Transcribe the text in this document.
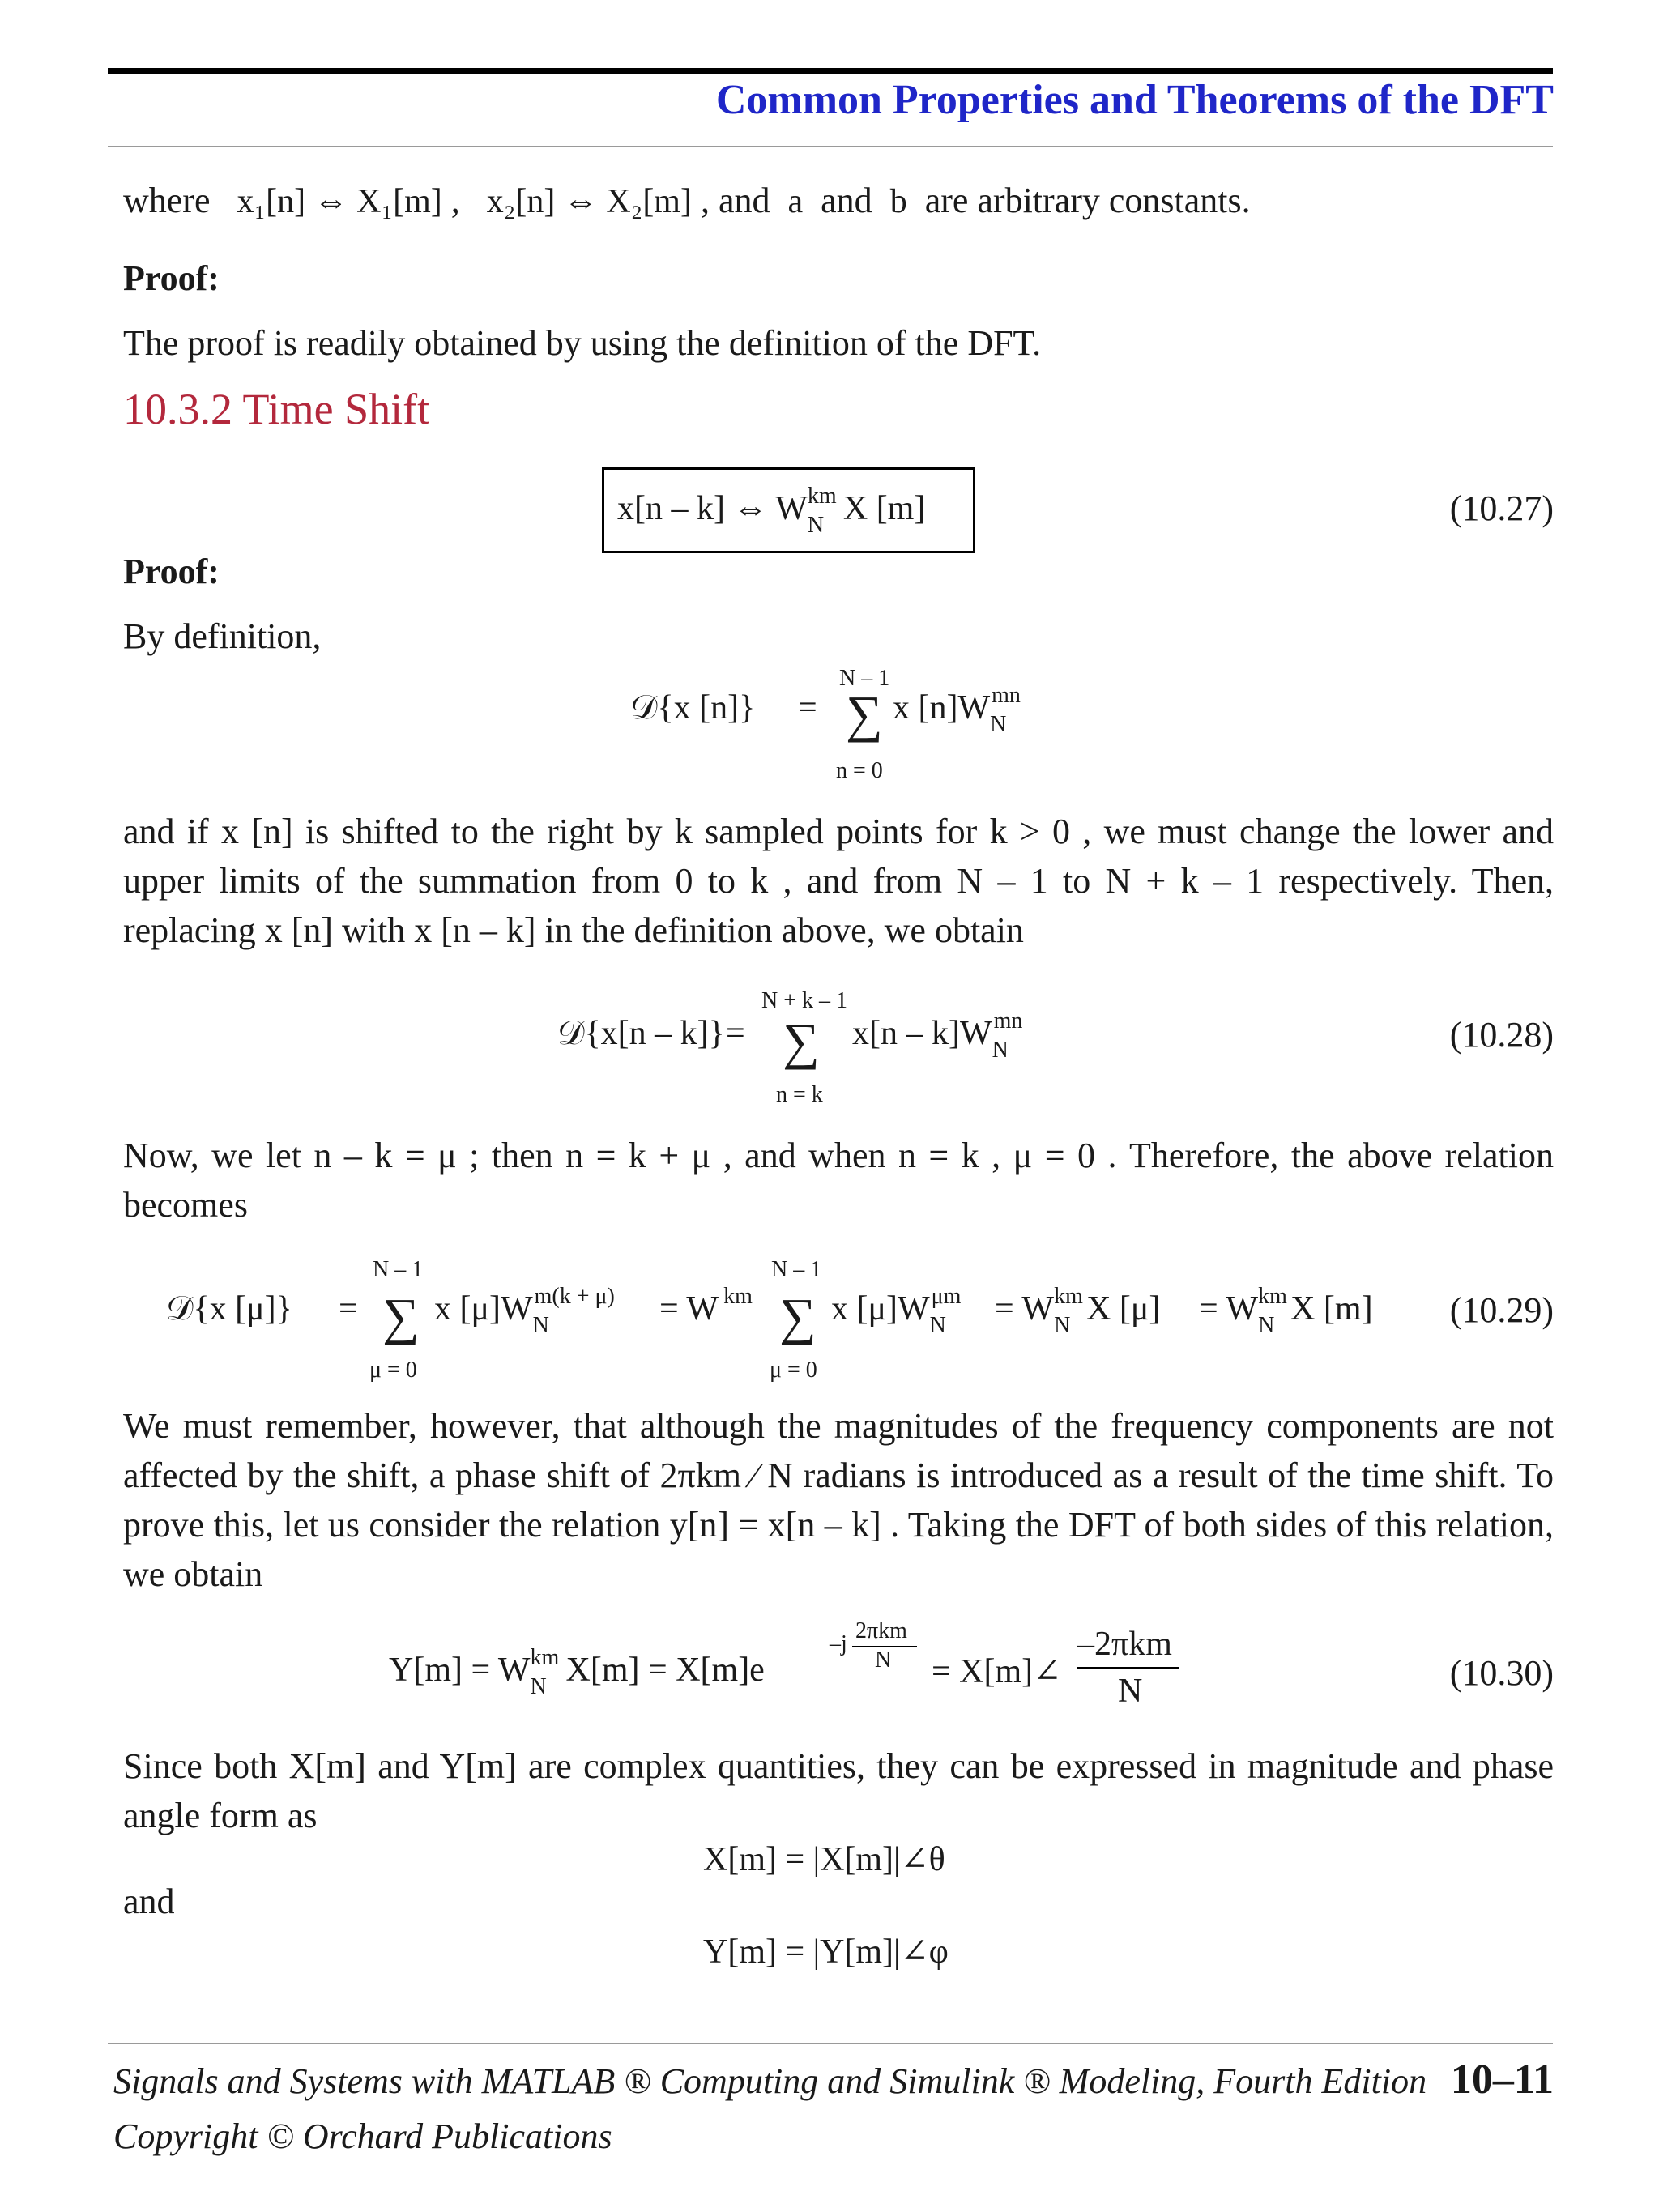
Common Properties and Theorems of the DFT
where x₁[n] ⇔ X₁[m] , x₂[n] ⇔ X₂[m] , and a and b are arbitrary constants.
Proof:
The proof is readily obtained by using the definition of the DFT.
10.3.2 Time Shift
x[n – k] ⇔ W km
N X [m]	(10.27)
Proof:
By definition,
𝒟{x [n]} =
N – 1
∑
n = 0
x [n]W mn
N
and if x [n] is shifted to the right by k sampled points for k > 0 , we must change the lower and upper limits of the summation from 0 to k , and from N – 1 to N + k – 1 respectively. Then, replacing x [n] with x [n – k] in the definition above, we obtain
𝒟{x[n – k]} =
N + k – 1
∑
n = k
x[n – k]W mn
N	(10.28)
Now, we let n – k = μ ; then n = k + μ , and when n = k , μ = 0 . Therefore, the above relation becomes
𝒟{x [μ]} =
N – 1
∑
μ = 0
x [μ]W m(k + μ)
N	= W km
N – 1
∑
μ = 0
x [μ]W μm
N = W km
N X [μ] = W km
N X [m] (10.29)
We must remember, however, that although the magnitudes of the frequency components are not affected by the shift, a phase shift of 2πkm ⁄ N radians is introduced as a result of the time shift. To prove this, let us consider the relation y[n] = x[n – k] . Taking the DFT of both sides of this relation, we obtain
Y[m] = W km
N X[m] = X[m]e
–j
2πkm
N = X[m]∠
–2πkm
N	(10.30)
Since both X[m] and Y[m] are complex quantities, they can be expressed in magnitude and phase angle form as
X[m] = |X[m]|∠θ
and
Y[m] = |Y[m]|∠φ
Signals and Systems with MATLAB ® Computing and Simulink ® Modeling, Fourth Edition 10–11
Copyright © Orchard Publications
